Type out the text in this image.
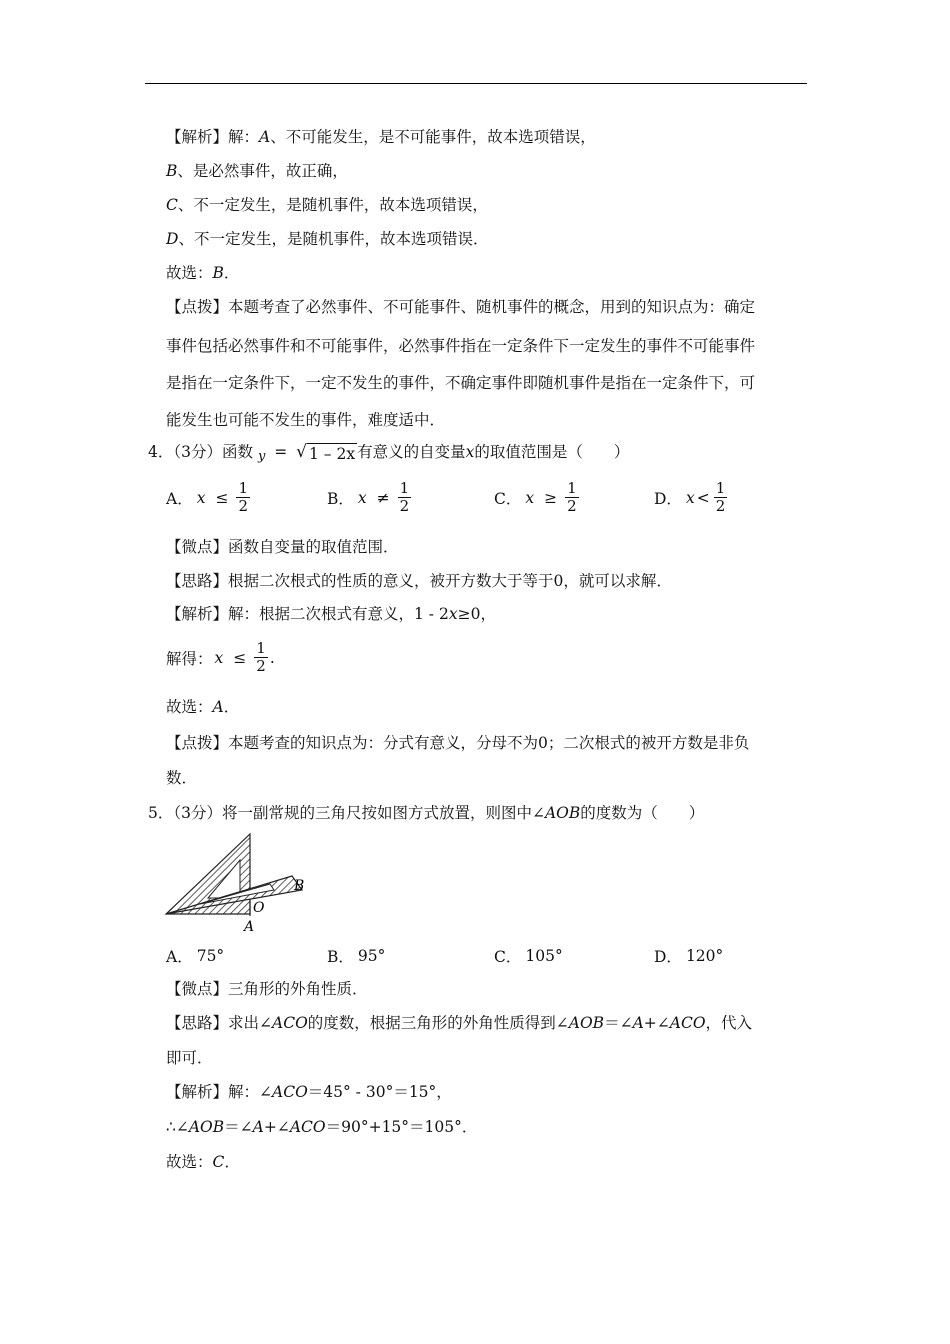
【解析】解：A、不可能发生，是不可能事件，故本选项错误，
B、是必然事件，故正确，
C、不一定发生，是随机事件，故本选项错误，
D、不一定发生，是随机事件，故本选项错误．
故选：B．
【点拨】本题考查了必然事件、不可能事件、随机事件的概念，用到的知识点为：确定
事件包括必然事件和不可能事件，必然事件指在一定条件下一定发生的事件不可能事件
是指在一定条件下，一定不发生的事件，不确定事件即随机事件是指在一定条件下，可
能发生也可能不发生的事件，难度适中．
4．（3分）函数 y = √ 1 – 2x 有意义的自变量x的取值范围是（　　）
A． $x \le \frac{1}{2}$	B． $x \ne \frac{1}{2}$	C． $x \ge \frac{1}{2}$	D． $x < \frac{1}{2}$
【微点】函数自变量的取值范围．
【思路】根据二次根式的性质的意义，被开方数大于等于0，就可以求解．
【解析】解：根据二次根式有意义，1 - 2x≥0，
解得： $x \le \frac{1}{2}$ .
故选：A．
【点拨】本题考查的知识点为：分式有意义，分母不为0；二次根式的被开方数是非负
数．
5．（3分）将一副常规的三角尺按如图方式放置，则图中∠AOB的度数为（　　）
B
O
A
A． 75°	B． 95°	C． 105°	D． 120°
【微点】三角形的外角性质．
【思路】求出∠ACO的度数，根据三角形的外角性质得到∠AOB＝∠A+∠ACO，代入
即可．
【解析】解：∠ACO＝45° - 30°＝15°，
∴∠AOB＝∠A+∠ACO＝90°+15°＝105°．
故选：C．
